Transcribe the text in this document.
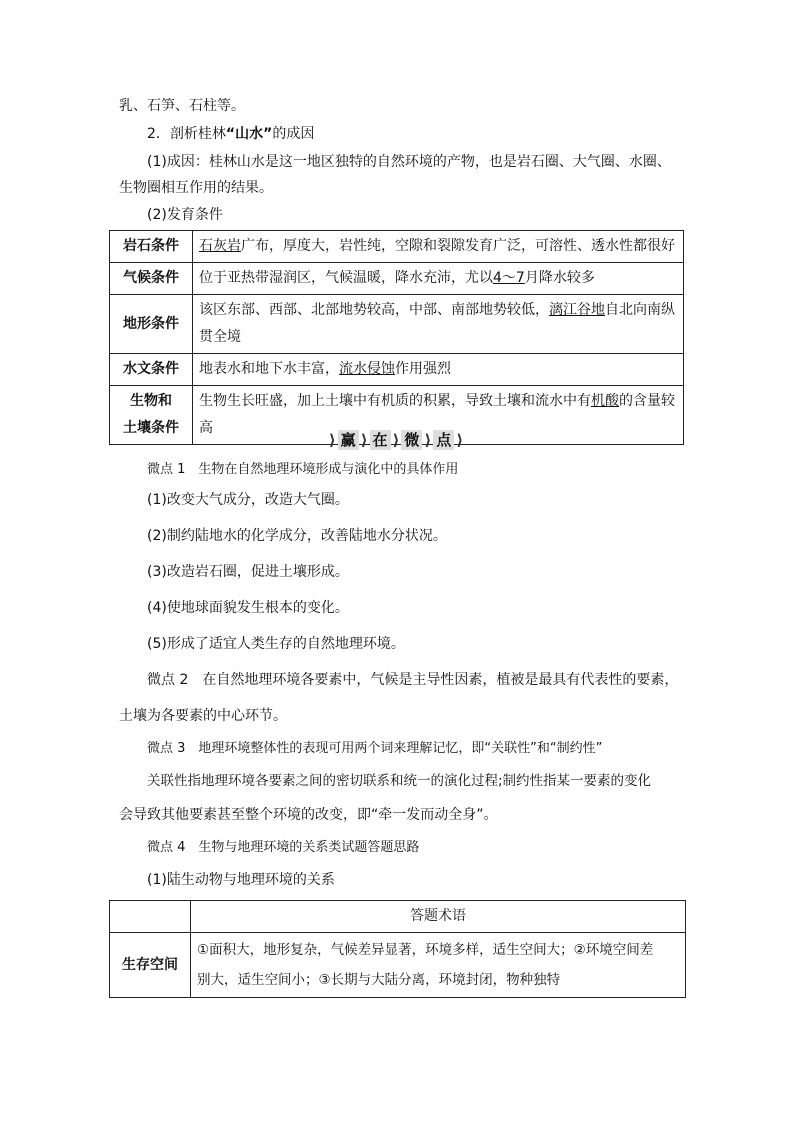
乳、石笋、石柱等。
2．剖析桂林“山水”的成因
(1)成因：桂林山水是这一地区独特的自然环境的产物，也是岩石圈、大气圈、水圈、
生物圈相互作用的结果。
(2)发育条件
岩石条件	石灰岩广布，厚度大，岩性纯，空隙和裂隙发育广泛，可溶性、透水性都很好
气候条件	位于亚热带湿润区，气候温暖，降水充沛，尤以4～7月降水较多
地形条件	该区东部、西部、北部地势较高，中部、南部地势较低，漓江谷地自北向南纵
贯全境
水文条件	地表水和地下水丰富，流水侵蚀作用强烈
生物和
土壤条件	生物生长旺盛，加上土壤中有机质的积累，导致土壤和流水中有机酸的含量较
高
⟩ 赢 ⟩ 在 ⟩ 微 ⟩ 点 ⟩
微点 1　生物在自然地理环境形成与演化中的具体作用
(1)改变大气成分，改造大气圈。
(2)制约陆地水的化学成分，改善陆地水分状况。
(3)改造岩石圈，促进土壤形成。
(4)使地球面貌发生根本的变化。
(5)形成了适宜人类生存的自然地理环境。
微点 2　在自然地理环境各要素中，气候是主导性因素，植被是最具有代表性的要素，
土壤为各要素的中心环节。
微点 3　地理环境整体性的表现可用两个词来理解记忆，即“关联性”和“制约性”
关联性指地理环境各要素之间的密切联系和统一的演化过程;制约性指某一要素的变化
会导致其他要素甚至整个环境的改变，即“牵一发而动全身”。
微点 4　生物与地理环境的关系类试题答题思路
(1)陆生动物与地理环境的关系
	答题术语
生存空间	①面积大，地形复杂，气候差异显著，环境多样，适生空间大；②环境空间差
别大，适生空间小；③长期与大陆分离，环境封闭，物种独特
